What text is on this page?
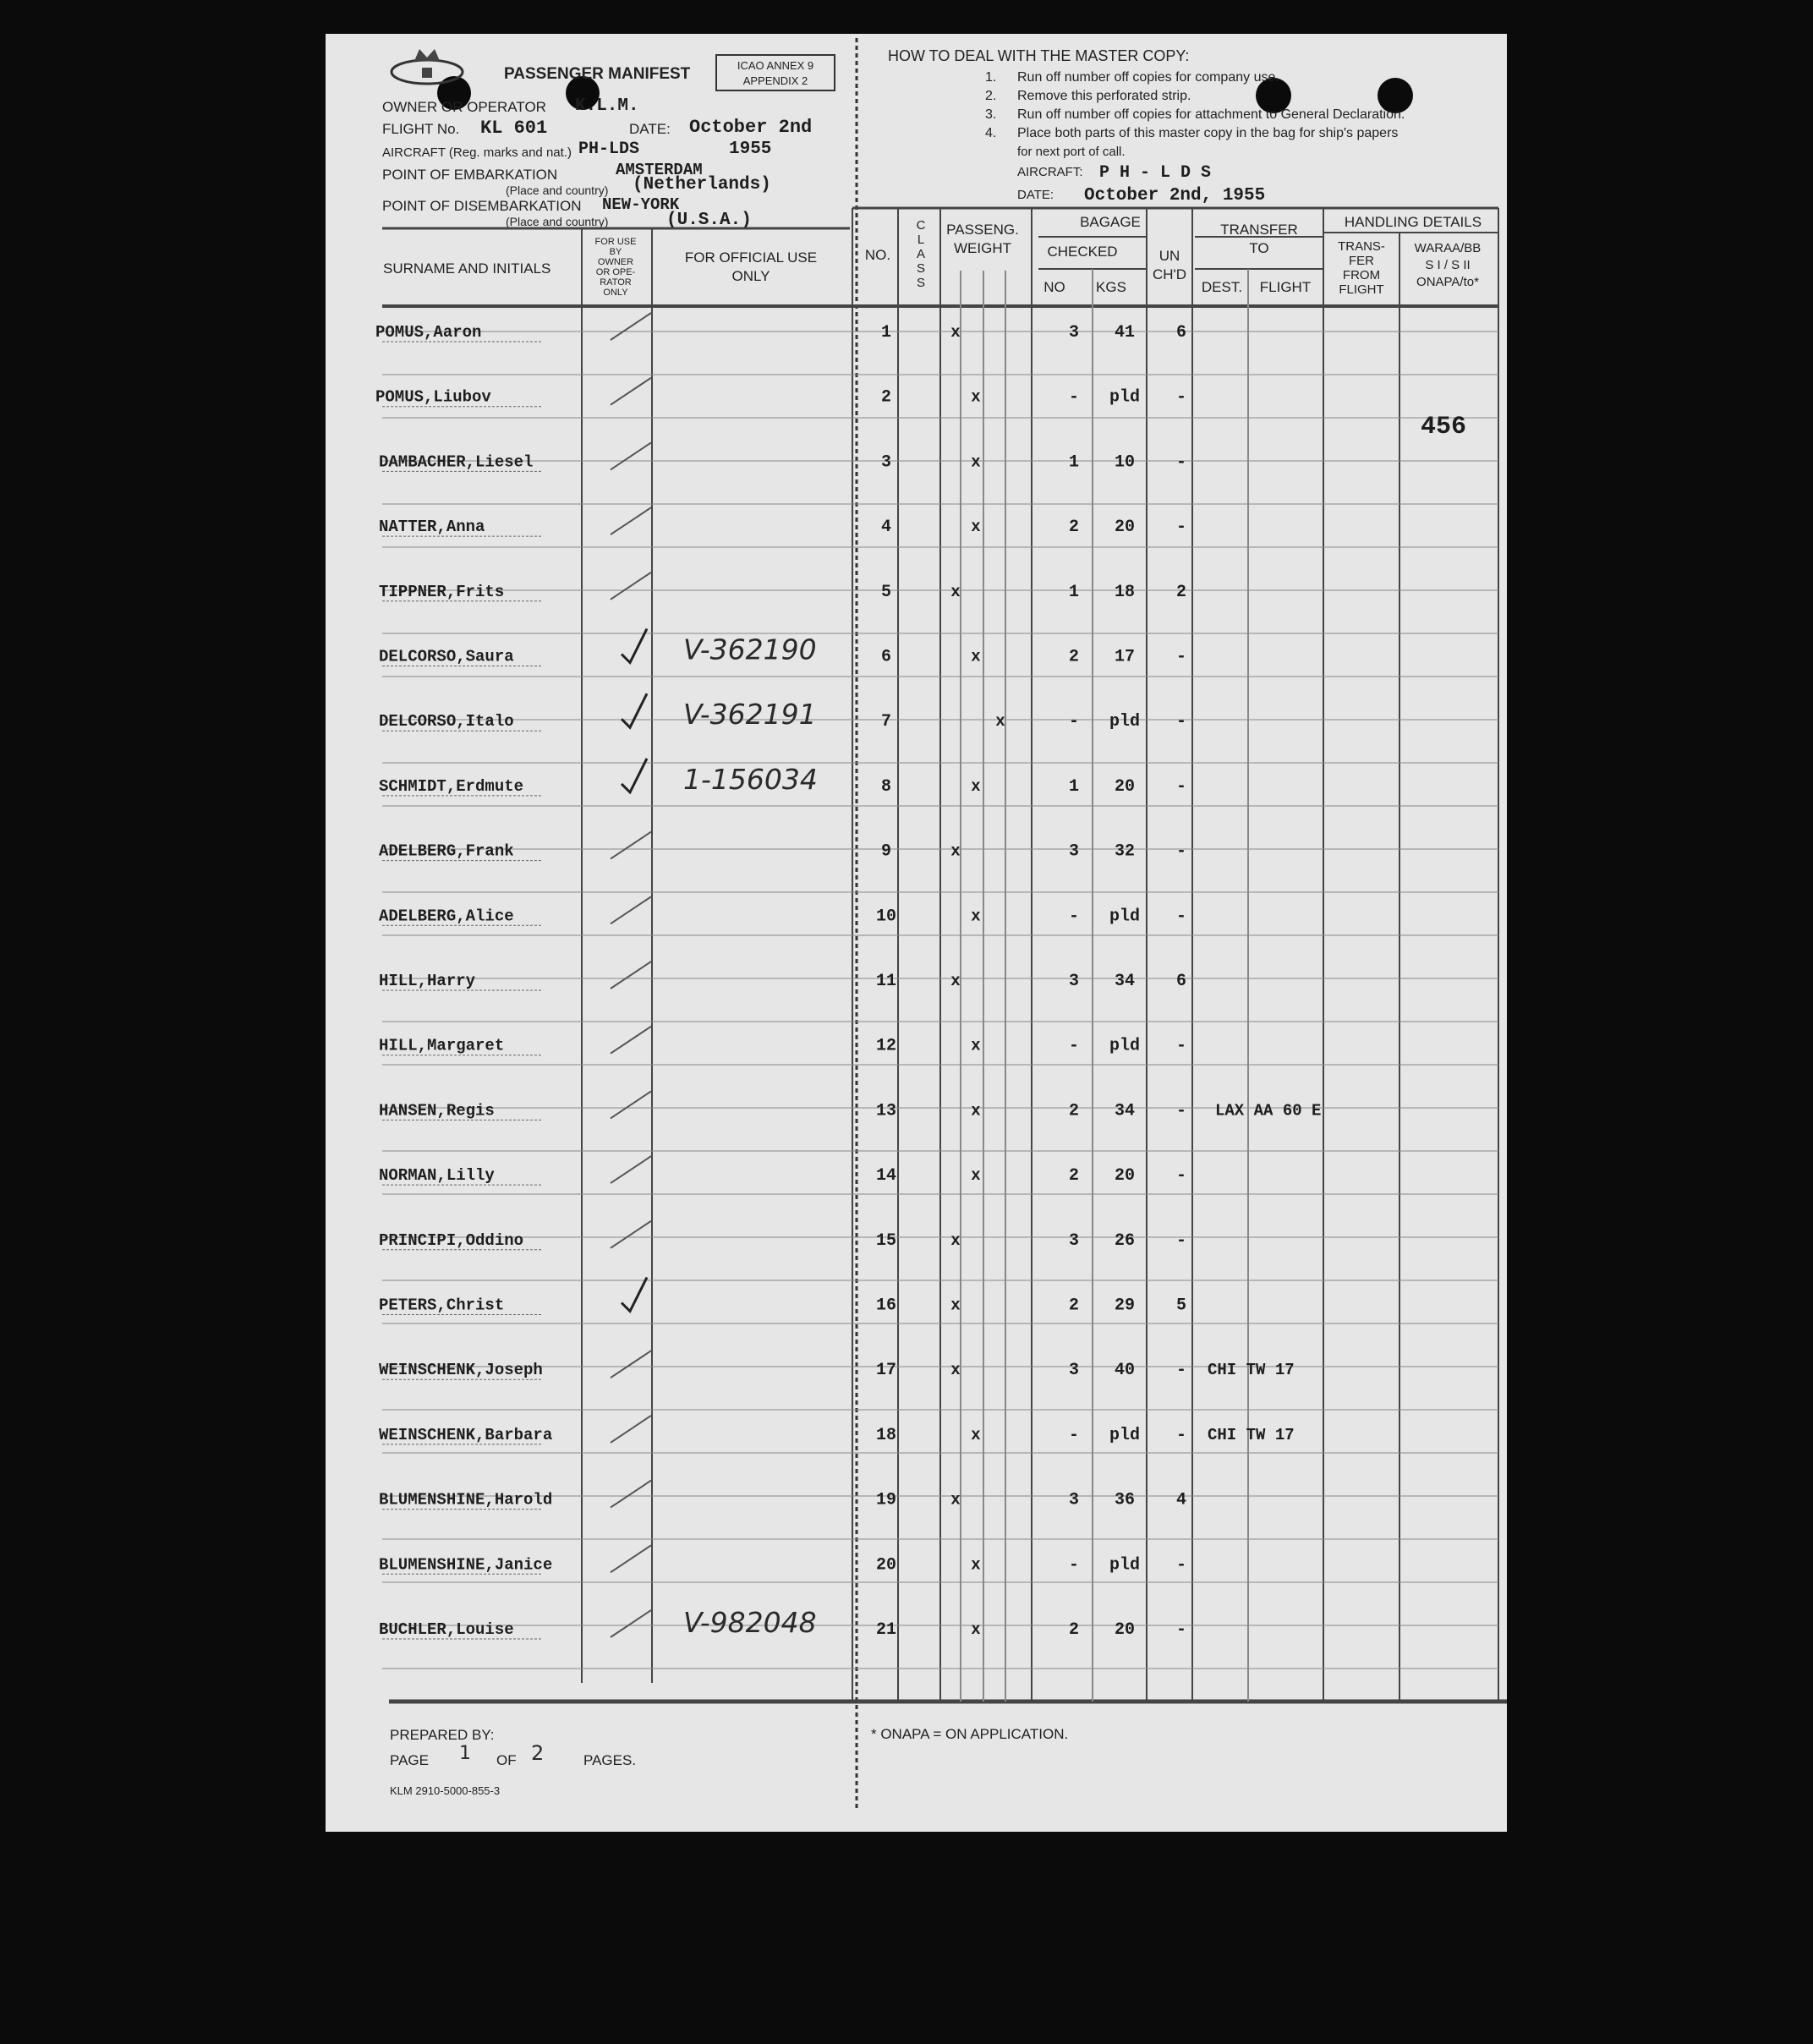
PASSENGER MANIFEST	ICAO ANNEX 9
APPENDIX 2
OWNER OR OPERATOR K.L.M.
FLIGHT No. KL 601	DATE: October 2nd
AIRCRAFT (Reg. marks and nat.) PH-LDS	1955
POINT OF EMBARKATION	AMSTERDAM
(Place and country) (Netherlands)
POINT OF DISEMBARKATION NEW-YORK
(Place and country)	(U.S.A.)
HOW TO DEAL WITH THE MASTER COPY:
1. Run off number off copies for company use.
2. Remove this perforated strip.
3. Run off number off copies for attachment to General Declaration.
4. Place both parts of this master copy in the bag for ship's papers
for next port of call.
AIRCRAFT: P H - L D S
DATE: October 2nd, 1955
SURNAME AND INITIALS
FOR USE
BY
OWNER
OR OPE-
RATOR
ONLY
FOR OFFICIAL USE
ONLY
NO.
C
L
A
S
S
PASSENG.
WEIGHT
BAGAGE
CHECKED
NO KGS
UN
CH'D
TRANSFER
TO
DEST. FLIGHT
HANDLING DETAILS
TRANS-
FER
FROM
FLIGHT
WARAA/BB
S I / S II
ONAPA/to*
456
POMUS,Aaron	1	x	3 41 6
POMUS,Liubov	2	x	- pld -
DAMBACHER,Liesel	3	x	1 10 -
NATTER,Anna	4	x	2 20 -
TIPPNER,Frits	5	x	1 18 2
DELCORSO,Saura	V-362190	6	x	2 17 -
DELCORSO,Italo	V-362191	7	x	- pld -
SCHMIDT,Erdmute	1-156034	8	x	1 20 -
ADELBERG,Frank	9	x	3 32 -
ADELBERG,Alice	10	x	- pld -
HILL,Harry	11	x	3 34 6
HILL,Margaret	12	x	- pld -
HANSEN,Regis	13	x	2 34 - LAX AA 60 E
NORMAN,Lilly	14	x	2 20 -
PRINCIPI,Oddino	15	x	3 26 -
PETERS,Christ	16	x	2 29 5
WEINSCHENK,Joseph	17	x	3 40 - CHI TW 17
WEINSCHENK,Barbara	18	x	- pld - CHI TW 17
BLUMENSHINE,Harold	19	x	3 36 4
BLUMENSHINE,Janice	20	x	- pld -
BUCHLER,Louise	V-982048	21	x	2 20 -
PREPARED BY:
PAGE 1 OF 2	PAGES.
KLM 2910-5000-855-3
* ONAPA = ON APPLICATION.
